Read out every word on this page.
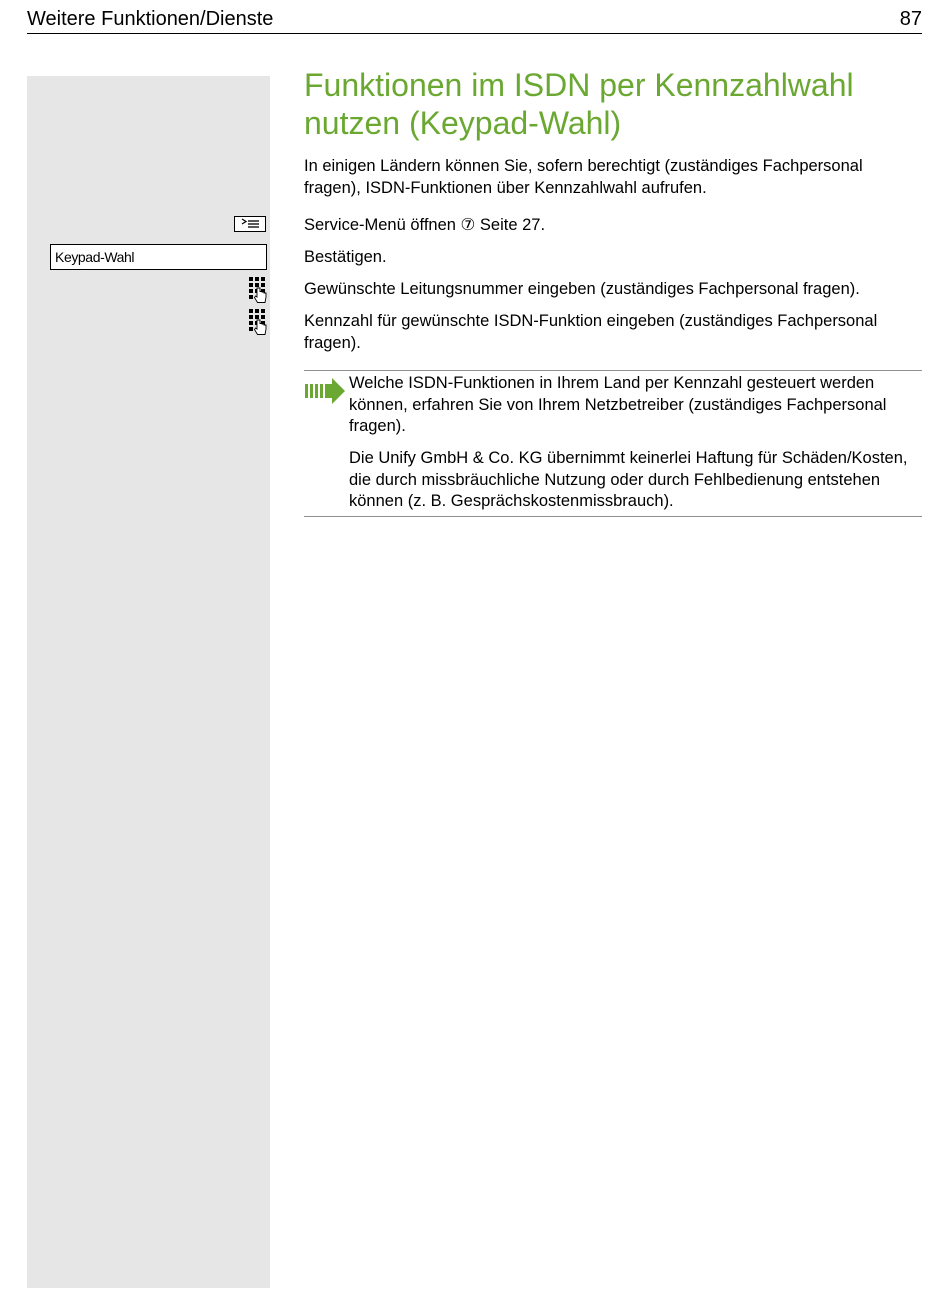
Weitere Funktionen/Dienste	87
Keypad-Wahl
Funktionen im ISDN per Kennzahlwahl nutzen (Keypad-Wahl)

In einigen Ländern können Sie, sofern berechtigt (zuständiges Fachpersonal fragen), ISDN-Funktionen über Kennzahlwahl aufrufen.

Service-Menü öffnen ⑦ Seite 27.

Bestätigen.

Gewünschte Leitungsnummer eingeben (zuständiges Fachpersonal fragen).

Kennzahl für gewünschte ISDN-Funktion eingeben (zuständiges Fachpersonal fragen).

Welche ISDN-Funktionen in Ihrem Land per Kennzahl gesteuert werden können, erfahren Sie von Ihrem Netzbetreiber (zuständiges Fachpersonal fragen).

Die Unify GmbH & Co. KG übernimmt keinerlei Haftung für Schäden/Kosten, die durch missbräuchliche Nutzung oder durch Fehlbedienung entstehen können (z. B. Gesprächskostenmissbrauch).
